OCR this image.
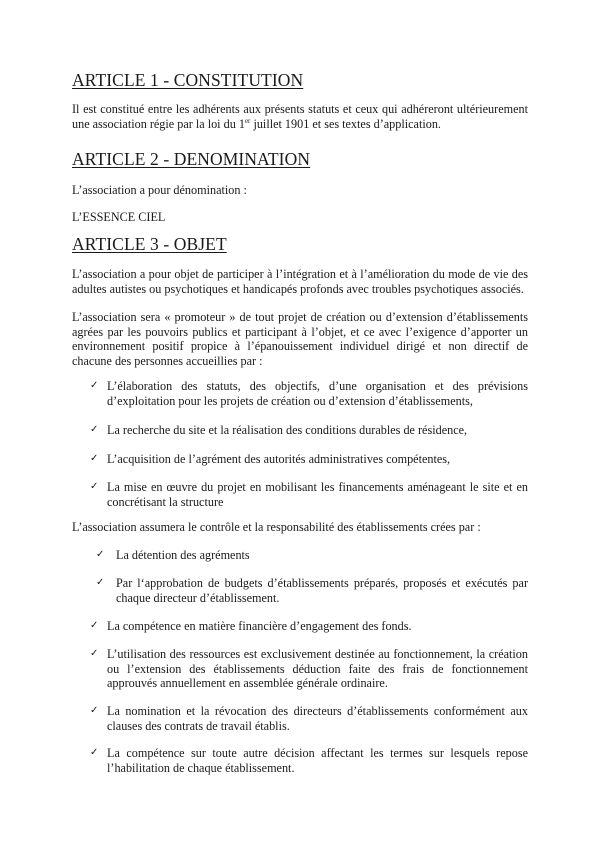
ARTICLE 1 - CONSTITUTION
Il est constitué entre les adhérents aux présents statuts et ceux qui adhéreront ultérieurement une association régie par la loi du 1er juillet 1901 et ses textes d’application.
ARTICLE 2 - DENOMINATION
L’association a pour dénomination :
L’ESSENCE CIEL
ARTICLE 3 - OBJET
L’association a pour objet de participer à l’intégration et à l’amélioration du mode de vie des adultes autistes ou psychotiques et handicapés profonds avec troubles psychotiques associés.
L’association sera « promoteur » de tout projet de création ou d’extension d’établissements agrées par les pouvoirs publics et participant à l’objet, et ce avec l’exigence d’apporter un environnement positif propice à l’épanouissement individuel dirigé et non directif de chacune des personnes accueillies par :
✓ L’élaboration des statuts, des objectifs, d’une organisation et des prévisions d’exploitation pour les projets de création ou d’extension d’établissements,
✓ La recherche du site et la réalisation des conditions durables de résidence,
✓ L’acquisition de l’agrément des autorités administratives compétentes,
✓ La mise en œuvre du projet en mobilisant les financements aménageant le site et en concrétisant la structure
L’association assumera le contrôle et la responsabilité des établissements crées par :
✓ La détention des agréments
✓ Par l‘approbation de budgets d’établissements préparés, proposés et exécutés par chaque directeur d’établissement.
✓ La compétence en matière financière d’engagement des fonds.
✓ L’utilisation des ressources est exclusivement destinée au fonctionnement, la création ou l’extension des établissements déduction faite des frais de fonctionnement approuvés annuellement en assemblée générale ordinaire.
✓ La nomination et la révocation des directeurs d’établissements conformément aux clauses des contrats de travail établis.
✓ La compétence sur toute autre décision affectant les termes sur lesquels repose l’habilitation de chaque établissement.
